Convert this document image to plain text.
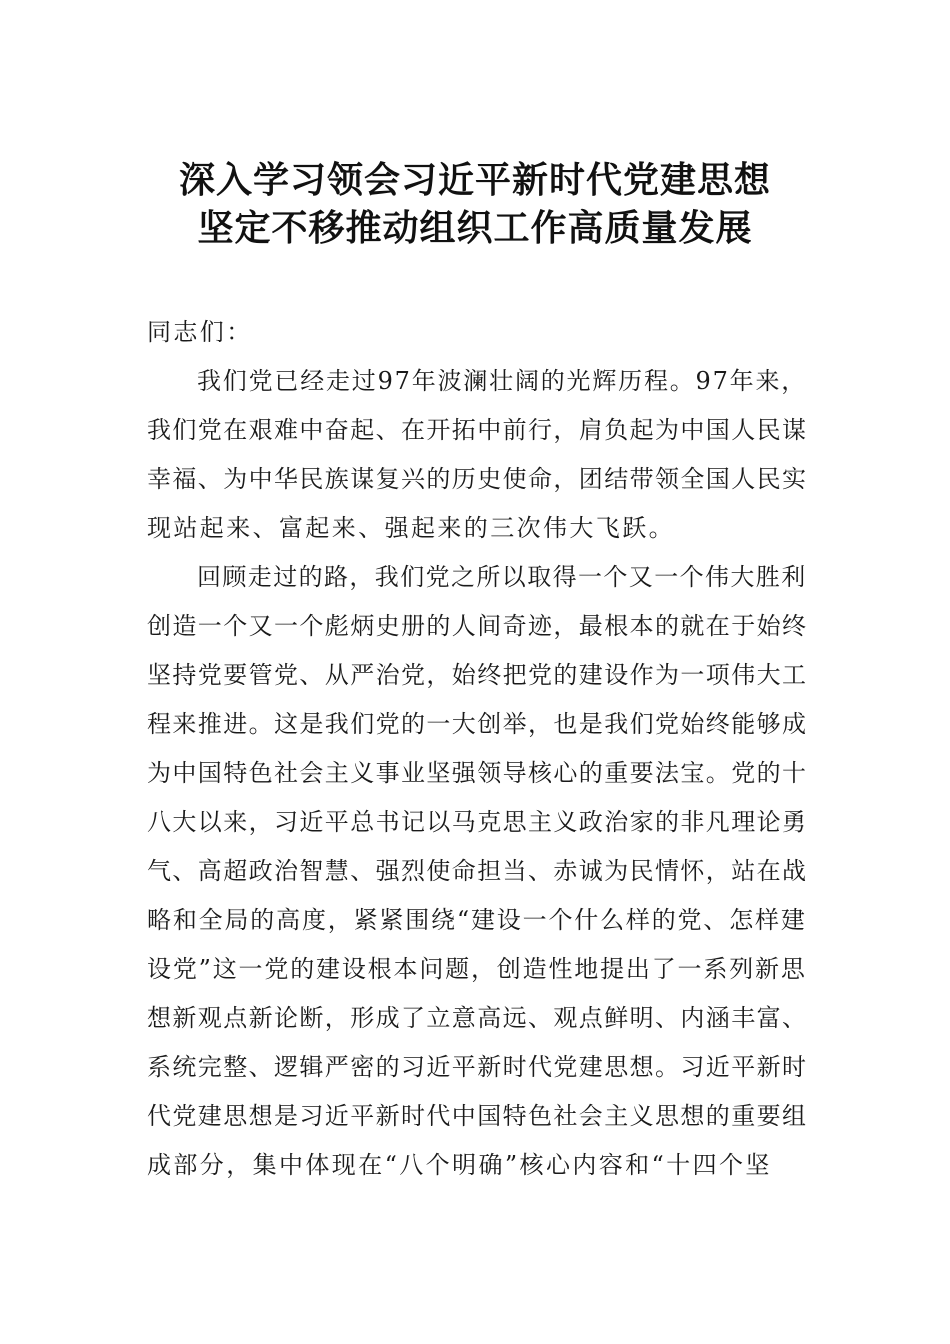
深入学习领会习近平新时代党建思想
坚定不移推动组织工作高质量发展
同志们：
我们党已经走过97年波澜壮阔的光辉历程。97年来，
我们党在艰难中奋起、在开拓中前行，肩负起为中国人民谋
幸福、为中华民族谋复兴的历史使命，团结带领全国人民实
现站起来、富起来、强起来的三次伟大飞跃。
回顾走过的路，我们党之所以取得一个又一个伟大胜利
创造一个又一个彪炳史册的人间奇迹，最根本的就在于始终
坚持党要管党、从严治党，始终把党的建设作为一项伟大工
程来推进。这是我们党的一大创举，也是我们党始终能够成
为中国特色社会主义事业坚强领导核心的重要法宝。党的十
八大以来，习近平总书记以马克思主义政治家的非凡理论勇
气、高超政治智慧、强烈使命担当、赤诚为民情怀，站在战
略和全局的高度，紧紧围绕“建设一个什么样的党、怎样建
设党”这一党的建设根本问题，创造性地提出了一系列新思
想新观点新论断，形成了立意高远、观点鲜明、内涵丰富、
系统完整、逻辑严密的习近平新时代党建思想。习近平新时
代党建思想是习近平新时代中国特色社会主义思想的重要组
成部分，集中体现在“八个明确”核心内容和“十四个坚
